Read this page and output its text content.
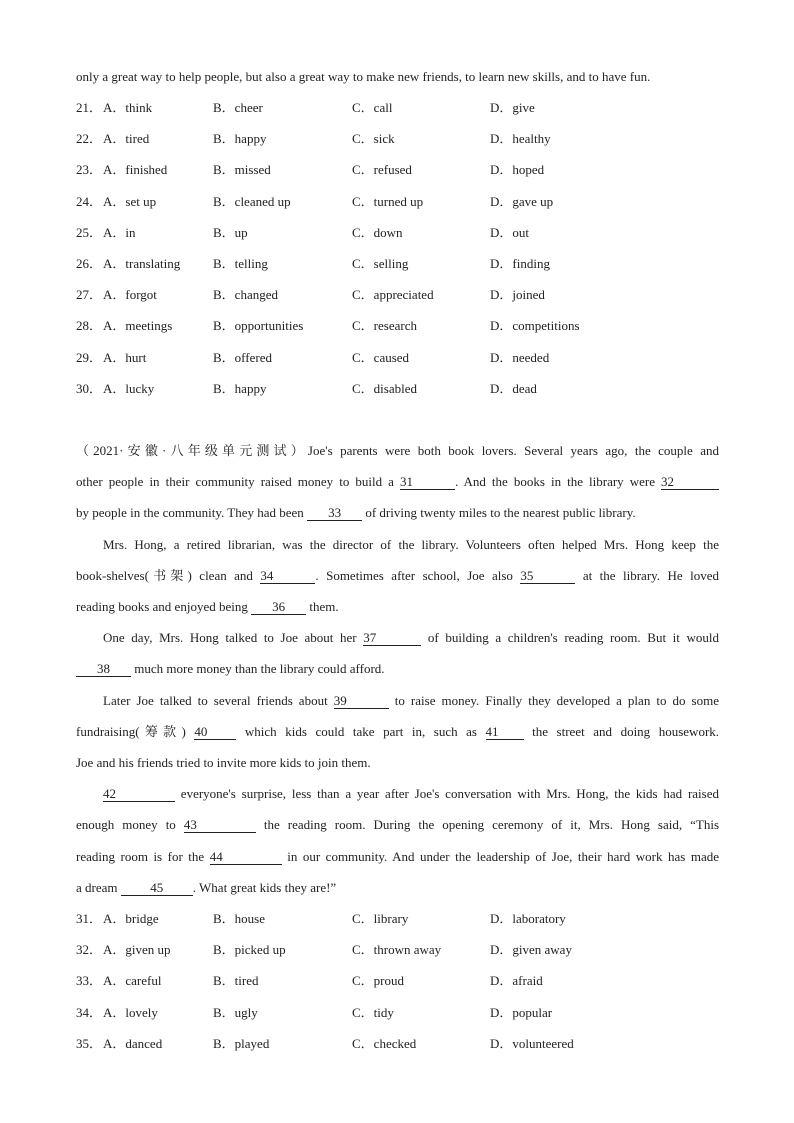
only a great way to help people, but also a great way to make new friends, to learn new skills, and to have fun.
21． A．think	B．cheer	C．call	D．give
22． A．tired	B．happy	C．sick	D．healthy
23． A．finished	B．missed	C．refused	D．hoped
24． A．set up	B．cleaned up	C．turned up	D．gave up
25． A．in	B．up	C．down	D．out
26． A．translating	B．telling	C．selling	D．finding
27． A．forgot	B．changed	C．appreciated	D．joined
28． A．meetings	B．opportunities	C．research	D．competitions
29． A．hurt	B．offered	C．caused	D．needed
30． A．lucky	B．happy	C．disabled	D．dead
（2021·安徽·八年级单元测试）Joe's parents were both book lovers. Several years ago, the couple and
other people in their community raised money to build a 31	. And the books in the library were 32
by people in the community. They had been 33 of driving twenty miles to the nearest public library.
Mrs. Hong, a retired librarian, was the director of the library. Volunteers often helped Mrs. Hong keep the
book-shelves(书架) clean and 34	. Sometimes after school, Joe also 35	at the library. He loved
reading books and enjoyed being 36 them.
One day, Mrs. Hong talked to Joe about her 37	of building a children's reading room. But it would
38 much more money than the library could afford.
Later Joe talked to several friends about 39	to raise money. Finally they developed a plan to do some
fundraising(筹款) 40	which kids could take part in, such as 41	the street and doing housework.
Joe and his friends tried to invite more kids to join them.
42	everyone's surprise, less than a year after Joe's conversation with Mrs. Hong, the kids had raised
enough money to 43	the reading room. During the opening ceremony of it, Mrs. Hong said, “This
reading room is for the 44	in our community. And under the leadership of Joe, their hard work has made
a dream	45 . What great kids they are!”
31． A．bridge	B．house	C．library	D．laboratory
32． A．given up	B．picked up	C．thrown away	D．given away
33． A．careful	B．tired	C．proud	D．afraid
34． A．lovely	B．ugly	C．tidy	D．popular
35． A．danced	B．played	C．checked	D．volunteered
